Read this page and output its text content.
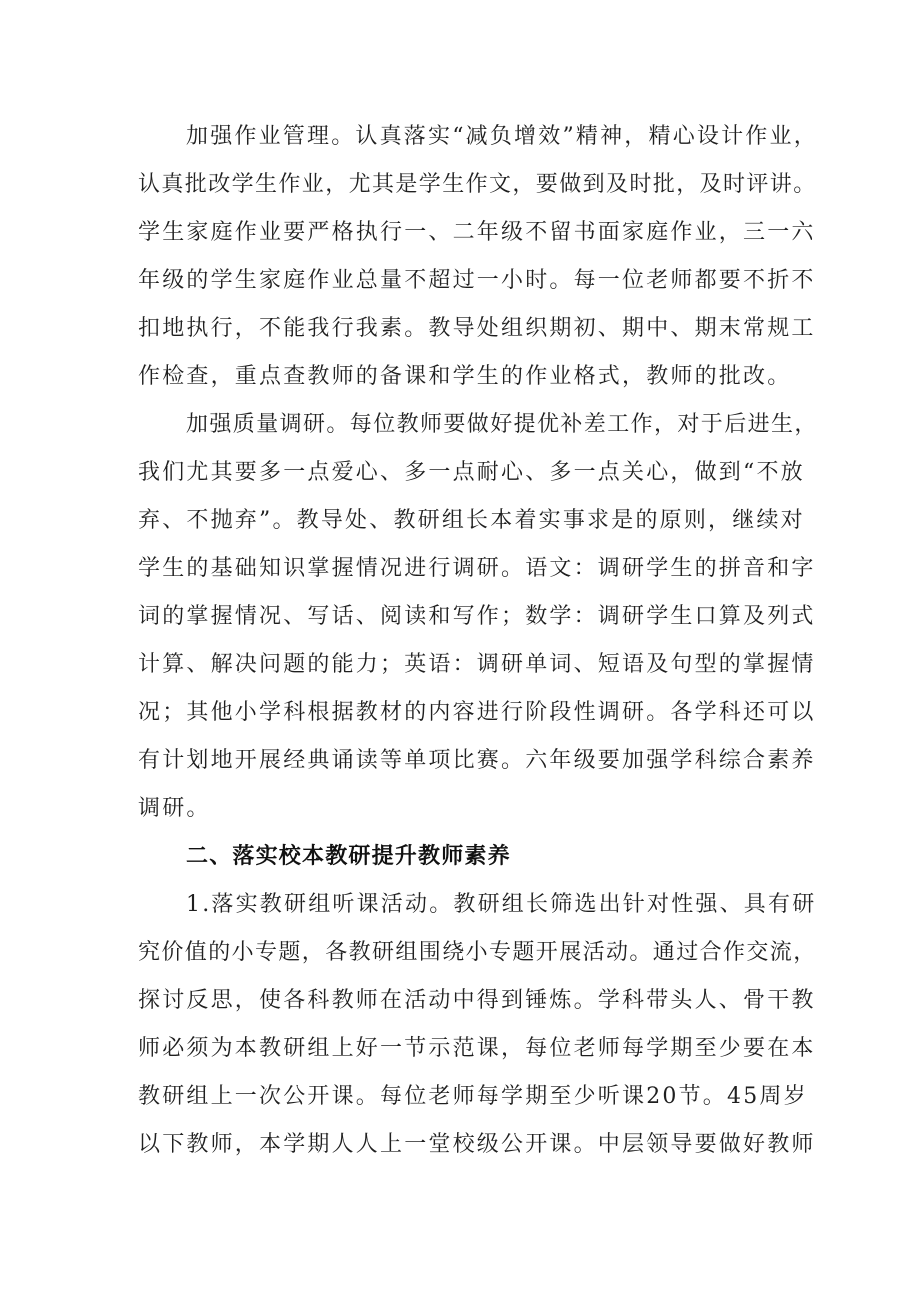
加强作业管理。认真落实“减负增效”精神，精心设计作业，
认真批改学生作业，尤其是学生作文，要做到及时批，及时评讲。
学生家庭作业要严格执行一、二年级不留书面家庭作业，三一六
年级的学生家庭作业总量不超过一小时。每一位老师都要不折不
扣地执行，不能我行我素。教导处组织期初、期中、期末常规工
作检查，重点查教师的备课和学生的作业格式，教师的批改。
加强质量调研。每位教师要做好提优补差工作，对于后进生，
我们尤其要多一点爱心、多一点耐心、多一点关心，做到“不放
弃、不抛弃”。教导处、教研组长本着实事求是的原则，继续对
学生的基础知识掌握情况进行调研。语文：调研学生的拼音和字
词的掌握情况、写话、阅读和写作；数学：调研学生口算及列式
计算、解决问题的能力；英语：调研单词、短语及句型的掌握情
况；其他小学科根据教材的内容进行阶段性调研。各学科还可以
有计划地开展经典诵读等单项比赛。六年级要加强学科综合素养
调研。
二、落实校本教研提升教师素养
1.落实教研组听课活动。教研组长筛选出针对性强、具有研
究价值的小专题，各教研组围绕小专题开展活动。通过合作交流，
探讨反思，使各科教师在活动中得到锤炼。学科带头人、骨干教
师必须为本教研组上好一节示范课，每位老师每学期至少要在本
教研组上一次公开课。每位老师每学期至少听课20节。45周岁
以下教师，本学期人人上一堂校级公开课。中层领导要做好教师
